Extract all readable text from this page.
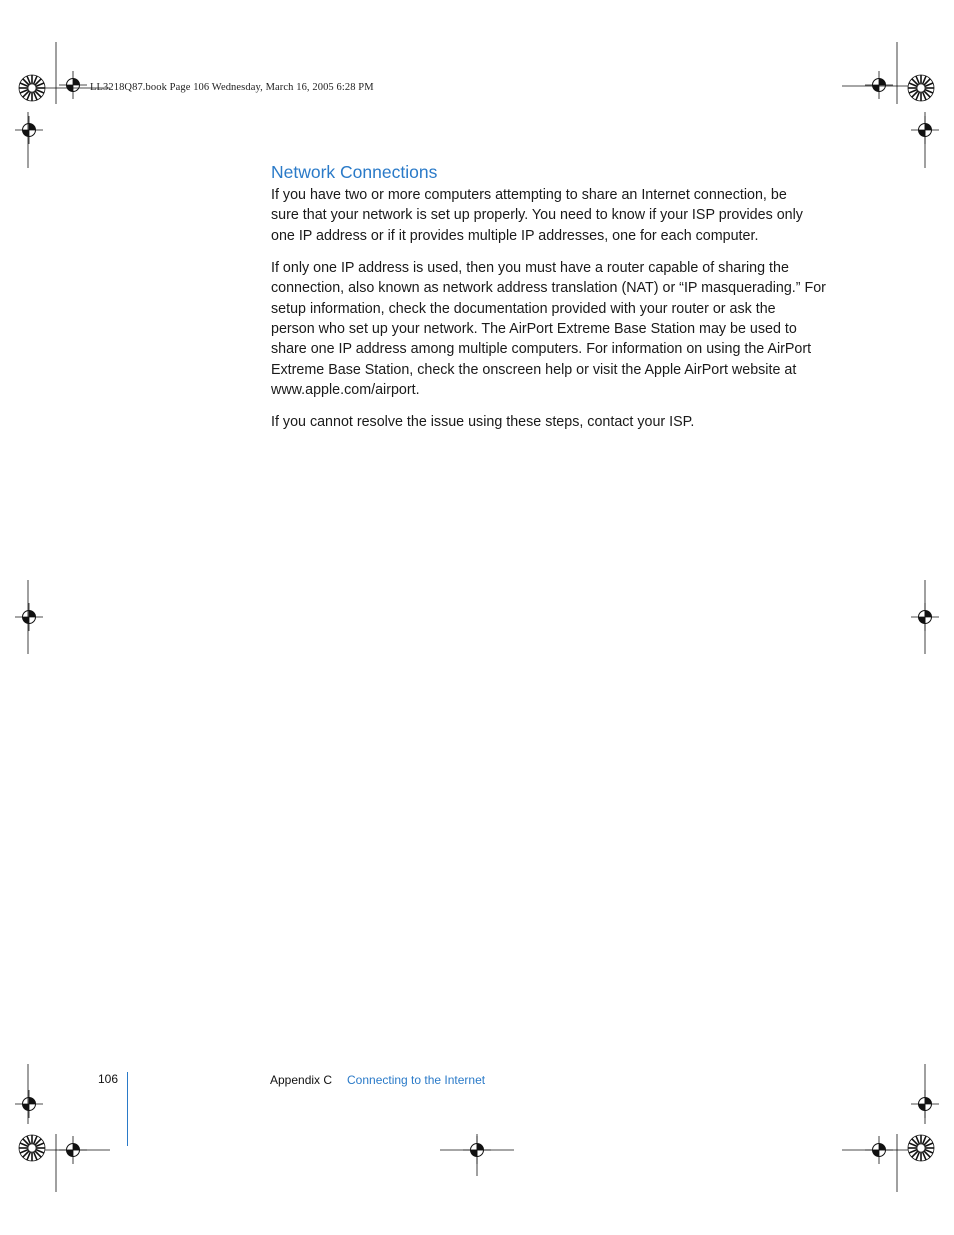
LL3218Q87.book Page 106 Wednesday, March 16, 2005 6:28 PM
Network Connections

If you have two or more computers attempting to share an Internet connection, be
sure that your network is set up properly. You need to know if your ISP provides only
one IP address or if it provides multiple IP addresses, one for each computer.

If only one IP address is used, then you must have a router capable of sharing the
connection, also known as network address translation (NAT) or “IP masquerading.” For
setup information, check the documentation provided with your router or ask the
person who set up your network. The AirPort Extreme Base Station may be used to
share one IP address among multiple computers. For information on using the AirPort
Extreme Base Station, check the onscreen help or visit the Apple AirPort website at
www.apple.com/airport.

If you cannot resolve the issue using these steps, contact your ISP.

106	Appendix C Connecting to the Internet
